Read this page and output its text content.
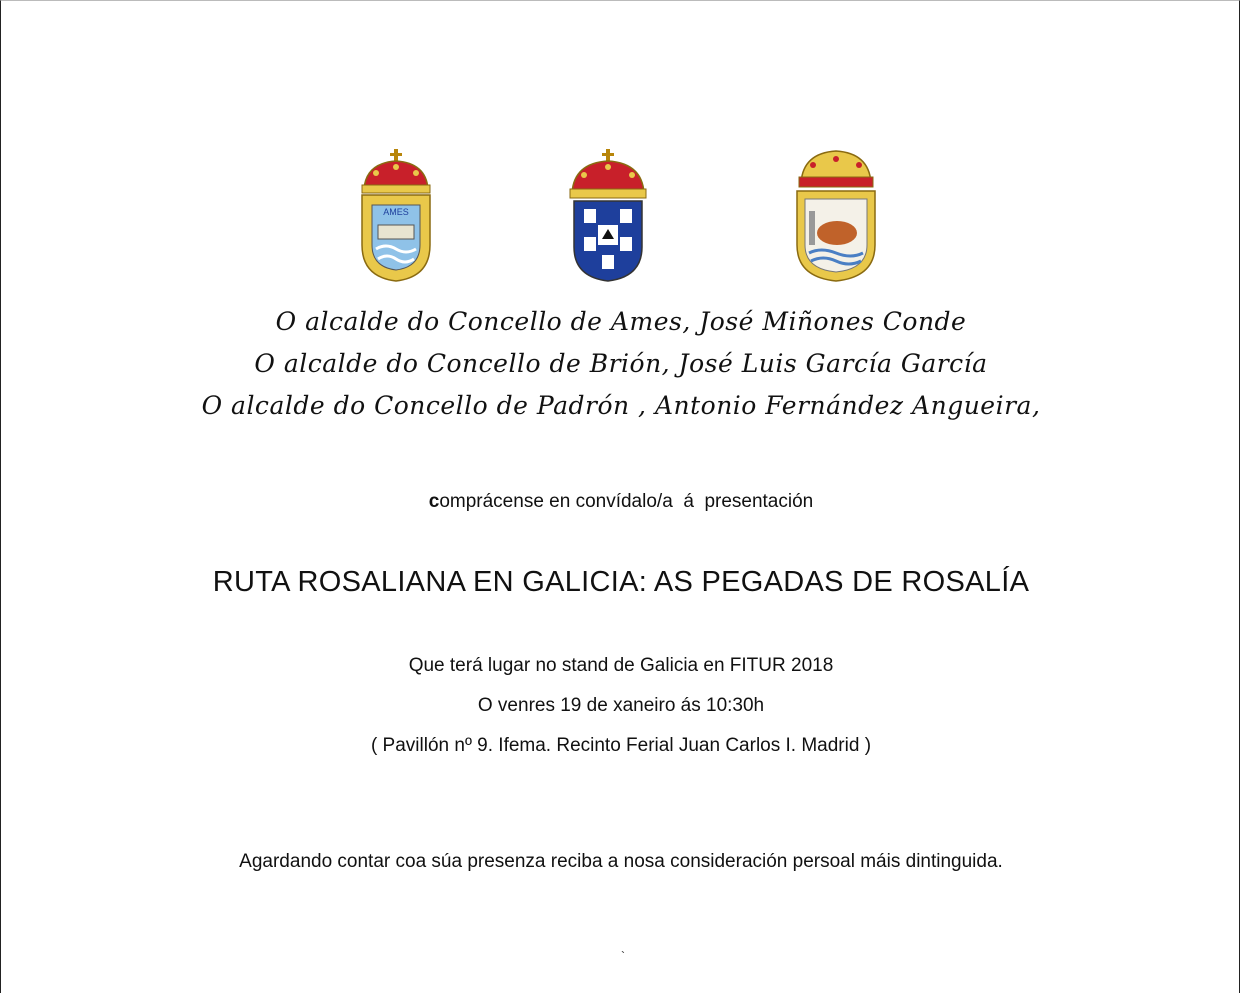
AMES
O alcalde do Concello de Ames, José Miñones Conde
O alcalde do Concello de Brión, José Luis García García
O alcalde do Concello de Padrón , Antonio Fernández Angueira,
comprácense en convídalo/a  á  presentación
RUTA ROSALIANA EN GALICIA: AS PEGADAS DE ROSALÍA
Que terá lugar no stand de Galicia en FITUR 2018
O venres 19 de xaneiro ás 10:30h
( Pavillón nº 9. Ifema. Recinto Ferial Juan Carlos I. Madrid )
Agardando contar coa súa presenza reciba a nosa consideración persoal máis dintinguida.
`
